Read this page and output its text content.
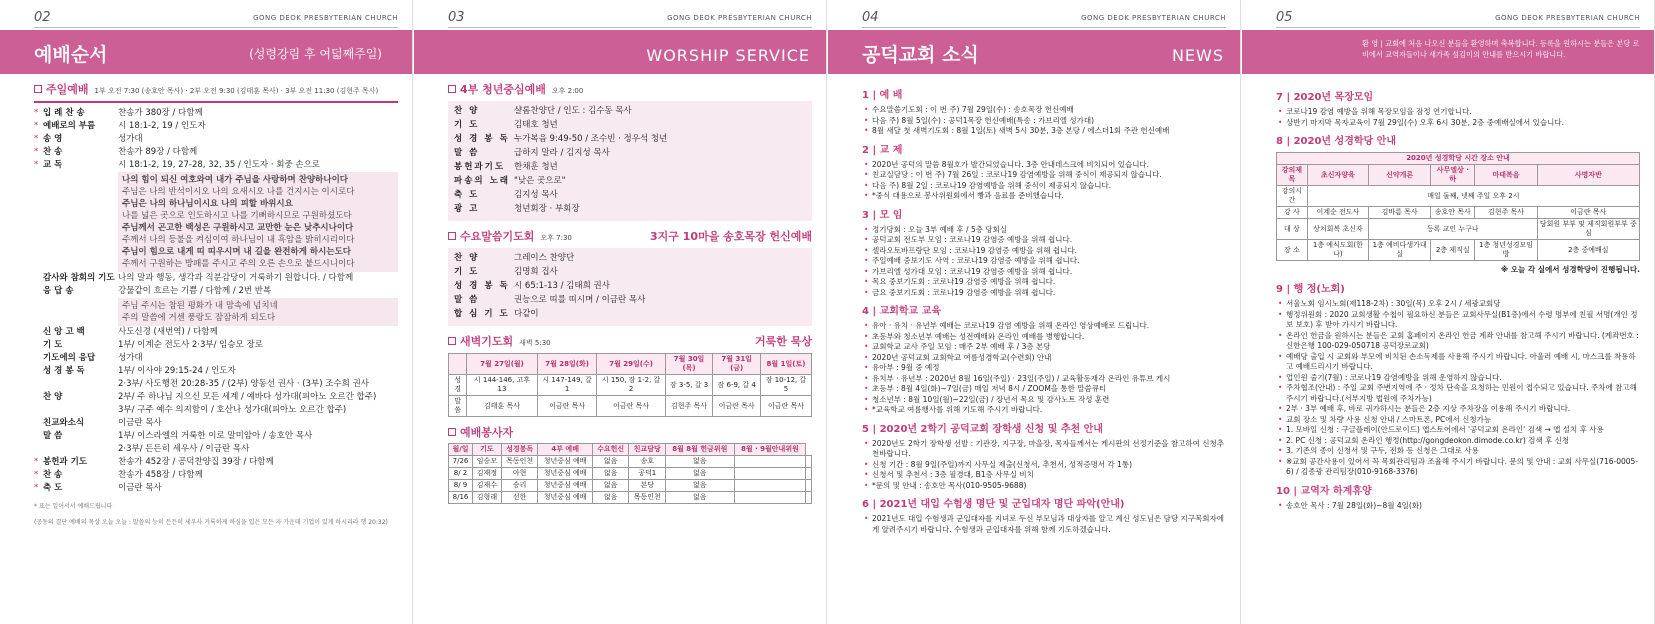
02	GONG DEOK PRESBYTERIAN CHURCH
예배순서	(성령강림 후 여덟째주일)
주일예배 1부 오전 7:30 (송호안 목사) · 2부 오전 9:30 (김태훈 목사) · 3부 오전 11:30 (김현주 목사)
* 입 례 찬 송	찬송가 380장 / 다함께
* 예배로의 부름	시 18:1-2, 19 / 인도자
* 송 영	성가대
* 찬 송	찬송가 89장 / 다함께
* 교 독	시 18:1-2, 19, 27-28, 32, 35 / 인도자 · 회중 손으로
나의 힘이 되신 여호와여 내가 주님을 사랑하며 찬양하나이다
주님은 나의 반석이시오 나의 요새시오 나를 건지시는 이시로다
주님은 나의 하나님이시요 나의 피할 바위시요
나를 넓은 곳으로 인도하시고 나를 기뻐하시므로 구원하셨도다
주님께서 곤고한 백성은 구원하시고 교만한 눈은 낮추시나이다
주께서 나의 등불을 켜심이여 하나님이 내 흑암을 밝히시리이다
주님이 힘으로 내게 띠 띠우시며 내 길을 완전하게 하시는도다
주께서 구원하는 방패를 주시고 주의 오른 손으로 붙드시니이다
감사와 참회의 기도 나의 말과 행동, 생각과 직분감당이 거룩하기 원합니다. / 다함께
응 답 송	강물같이 흐르는 기쁨 / 다함께 / 2번 반복
주님 주시는 참된 평화가 내 맘속에 넘치네
주의 말씀에 거센 풍랑도 잠잠하게 되도다
신 앙 고 백	사도신경 (새번역) / 다함께
기 도	1부/ 이계순 전도사 2·3부/ 임승모 장로
기도에의 응답	성가대
성 경 봉 독	1부/ 이사야 29:15-24 / 인도자
2·3부/ 사도행전 20:28-35 / (2부) 양동선 권사 · (3부) 조수희 권사
찬 양	2부/ 주 하나님 지으신 모든 세계 / 예바다 성가대(피아노 오르간 합주)
3부/ 구주 예수 의지함이 / 호산나 성가대(피아노 오르간 합주)
친교와소식	이금란 목사
말 씀	1부/ 이스라엘의 거룩한 이로 말미암아 / 송호안 목사
2·3부/ 든든히 세우사 / 이금란 목사
* 봉헌과 기도	찬송가 452장 / 공덕찬양집 39장 / 다함께
* 찬 송	찬송가 458장 / 다함께
* 축 도	이금란 목사
* 표는 일어서서 예배드립니다
(공동의 결단 예배의 목상 오늘 오늘 : 말씀의 능히 든든히 세우사 거룩하게 하심을 입은 모든 자 가운데 기업이 있게 하시리라 행 20:32)
03	GONG DEOK PRESBYTERIAN CHURCH
WORSHIP SERVICE
4부 청년중심예배 오후 2:00
찬 양	샬롬찬양단 / 인도 : 김수동 목사
기 도	김태호 청년
성 경 봉 독 누가복음 9:49-50 / 조수빈 · 정우석 청년
말 씀	급하지 말라 / 김지성 목사
봉헌과기도	한채훈 청년
파송의 노래 "낮은 곳으로"
축 도	김지성 목사
광 고	청년회장 · 부회장
수요말씀기도회 오후 7:30	3지구 10마을 송호목장 헌신예배
찬 양	그레이스 찬양단
기 도	김명희 집사
성 경 봉 독 시 65:1-13 / 김태희 권사
말 씀	권능으로 띠를 띠시며 / 이금란 목사
합 심 기 도 다같이
새벽기도회 새벽 5:30	거룩한 묵상
	7월 27일(월)	7월 28일(화)	7월 29일(수)	7월 30일(목)	7월 31일(금)	8월 1일(토)
성경	시 144-146, 고후 13	시 147-149, 갈 1	시 150, 잠 1-2, 갈 2	잠 3-5, 갈 3	잠 6-9, 갈 4	잠 10-12, 갈 5
말씀	김태훈 목사	이금란 목사	이금란 목사	김현주 목사	이금란 목사	이금란 목사
예배봉사자
월/일	기도	성경봉독	4부 예배	수요헌신	친교담당	8월 8월 헌금위원	8월 · 9월안내위원	
7/26	임승모	목동인천	청년중심 예배	없음	송호	없음		
8/ 2	김재정	아현	청년중심 예배	없음	공덕1	없음		
8/ 9	김재수	승리	청년중심 예배	없음	본당	없음		
8/16	김형래	선한	청년중심 예배	없음	목동인천	없음		
04	GONG DEOK PRESBYTERIAN CHURCH
공덕교회 소식	NEWS
1 | 예 배
• 수요말씀기도회 : 이 번 주) 7월 29일(수) : 송호목장 헌신예배
• 다음 주) 8월 5일(수) : 공덕1목장 헌신예배(특송 : 가브리엘 성가대)
• 8월 새달 첫 새벽기도회 : 8월 1일(토) 새벽 5시 30분, 3층 본당 / 에스더1회 주관 헌신예배
2 | 교 제
• 2020년 공덕의 말씀 8월호가 발간되었습니다. 3층 안내데스크에 비치되어 있습니다.
• 친교실담당 : 이 번 주) 7월 26일 : 코로나19 감염예방을 위해 중식이 제공되지 않습니다.
• 다음 주) 8월 2일 : 코로나19 감염예방을 위해 중식이 제공되지 않습니다.
• *중식 대용으로 봉사위원회에서 빵과 음료를 준비했습니다.
3 | 모 임
• 정기당회 : 오늘 3부 예배 후 / 5층 당회실
• 공덕교회 전도부 모임 : 코로나19 감염증 예방을 위해 쉽니다.
• 셀라오토바프랑단 모임 : 코로나19 감염증 예방을 위해 쉽니다.
• 주일예배 중보기도 사역 : 코로나19 감염증 예방을 위해 쉽니다.
• 가브리엘 성가대 모임 : 코로나19 감염증 예방을 위해 쉽니다.
• 목요 중보기도회 : 코로나19 감염증 예방을 위해 쉽니다.
• 금요 중보기도회 : 코로나19 감염증 예방을 위해 쉽니다.
4 | 교회학교 교육
• 유아 · 유치 · 유년부 예배는 코로나19 감염 예방을 위해 온라인 영상예배로 드립니다.
• 초등부와 청소년부 예배는 성전예배와 온라인 예배를 병행합니다.
• 교회학교 교사 주일 모임 : 매주 2부 예배 후 / 3층 본당
• 2020년 공덕교회 교회학교 여름성경학교(수련회) 안내
• 유아부 : 9월 중 예정
• 유치부 · 유년부 : 2020년 8월 16일(주일) · 23일(주일) / 교육활동재각 온라인 유튜브 게시
• 초등부 : 8월 4일(화)~7일(금) 매일 저녁 8시 / ZOOM을 통한 말씀큐티
• 청소년부 : 8월 10일(월)~22일(금) / 장년서 목요 및 감사노트 작성 훈련
• *교육학교 여름행사를 위해 기도해 주시기 바랍니다.
5 | 2020년 2학기 공덕교회 장학생 신청 및 추천 안내
• 2020년도 2학기 장학생 선발 : 기관장, 지구장, 마을장, 목자들께서는 게시판의 선정기준을 참고하여 신청추천바랍니다.
• 신청 기간 : 8월 9일(주일)까지 사무실 제출(신청서, 추천서, 성적증명서 각 1통)
• 신청서 및 추천서 : 3층 필경대, B1층 사무실 비치
• *문의 및 안내 : 송호안 목사(010-9505-9688)
6 | 2021년 대입 수험생 명단 및 군입대자 명단 파악(안내)
• 2021년도 대입 수험생과 군입대자를 지녀로 두신 부모님과 대상자를 알고 계신 성도님은 담당 지구목회자에게 알려주시기 바랍니다. 수험생과 군입대자를 위해 함께 기도하겠습니다.
05	GONG DEOK PRESBYTERIAN CHURCH
환 영 | 교회에 처음 나오신 분들을 환영하며 축복합니다. 등록을 원하시는 분들은 본당 로비에서 교역자들이나 새가족 섬김이의 안내를 받으시기 바랍니다.
7 | 2020년 목장모임
• 코로나19 감염 예방을 위해 목장모임을 잠정 연기합니다.
• 상반기 마지막 목자교육이 7월 29일(수) 오후 6시 30분, 2층 중예배실에서 있습니다.
8 | 2020년 성경학당 안내
2020년 성경학당 시간 장소 안내					
강의제목	초신자양육	신약개론	사무엘상 · 하	마태복음	사명자반
강의시간	매일 둘째, 넷째 주일 오후 2시				
강 사	이계순 전도사	김바름 목사	송호안 목사	김현주 목사	이금란 목사
대 상	상처회복 초신자	등록 교인 누구나			당회원 부부 및 제직회원부부 중심
장 소	1층 예식도회(한나)	1층 예비다생가대실	2층 제직실	1층 청년성경모임방	2층 중예배실
※ 오늘 각 실에서 성경학당이 진행됩니다.
9 | 행 정(노회)
• 서울노회 임시노회(제118-2차) : 30일(목) 오후 2시 / 세광교회당
• 행정위원회 : 2020 교회생활 수첩이 필요하신 분들은 교회사무실(B1층)에서 수령 명부에 친필 서명(개인 정보 보호) 후 받아 가시기 바랍니다.
• 온라인 헌금을 원하시는 분들은 교회 홈페이지 온라인 헌금 계좌 안내를 참고해 주시기 바랍니다. (계좌번호 : 신한은행 100-029-050718 공덕장로교회)
• 예배당 출입 시 교회와 부모에 비치된 손소독제를 사용해 주시기 바랍니다. 아울러 예배 시, 마스크를 착용하고 예배드리시기 바랍니다.
• 업인원 줄기(7월) : 코로나19 감염예방을 위해 운영하지 않습니다.
• 주차협조(안내) : 주일 교회 주변지역에 주 · 정차 단속을 요청하는 민원이 접수되고 있습니다. 주차에 참고해 주시기 바랍니다.(서부지방 법원에 주차가능)
• 2부 · 3부 예배 후, 바로 귀가하시는 분들은 2층 지상 주차장을 이용해 주시기 바랍니다.
• 교회 장소 및 차량 사용 신청 안내 / 스마트폰, PC에서 신청가능
• 1. 모바일 신청 : 구글플레이(안드로이드) 앱스토어에서 '공덕교회 온라인' 검색 → 앱 설치 후 사용
• 2. PC 신청 : 공덕교회 온라인 행정(http://gongdeokon.dimode.co.kr) 검색 후 신청
• 3. 기존의 종이 신청서 및 구두, 전화 등 신청은 그대로 사용
• ※교회 공간사용이 있어서 꼭 목회관리팀과 조율해 주시기 바랍니다. 문의 및 안내 : 교회 사무실(716-0005-6) / 김종광 관리팀장(010-9168-3376)
10 | 교역자 하계휴양
• 송호안 목사 : 7월 28일(화)~8월 4일(화)
